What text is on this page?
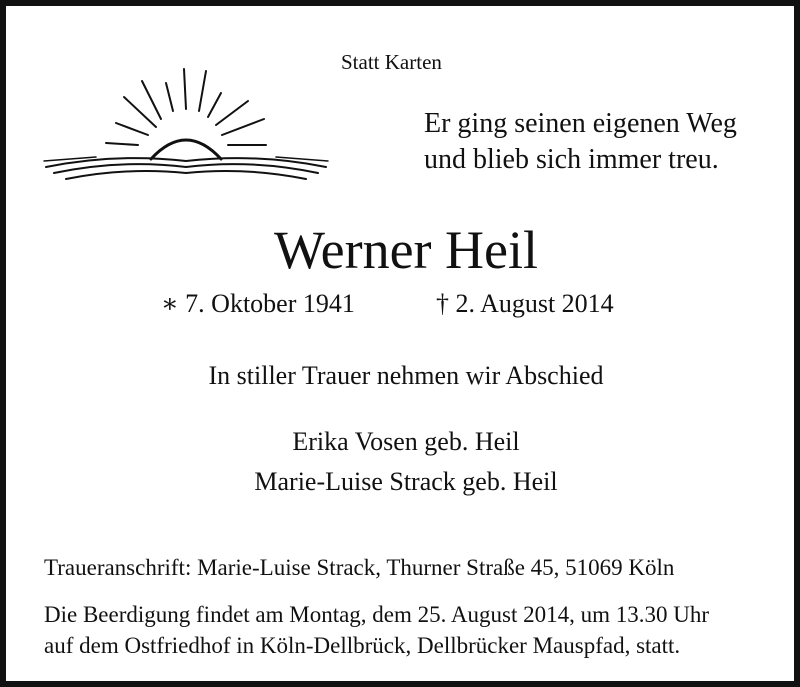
Statt Karten
Er ging seinen eigenen Weg
und blieb sich immer treu.
Werner Heil
∗ 7. Oktober 1941	† 2. August 2014
In stiller Trauer nehmen wir Abschied
Erika Vosen geb. Heil
Marie-Luise Strack geb. Heil
Traueranschrift: Marie-Luise Strack, Thurner Straße 45, 51069 Köln
Die Beerdigung findet am Montag, dem 25. August 2014, um 13.30 Uhr
auf dem Ostfriedhof in Köln-Dellbrück, Dellbrücker Mauspfad, statt.
